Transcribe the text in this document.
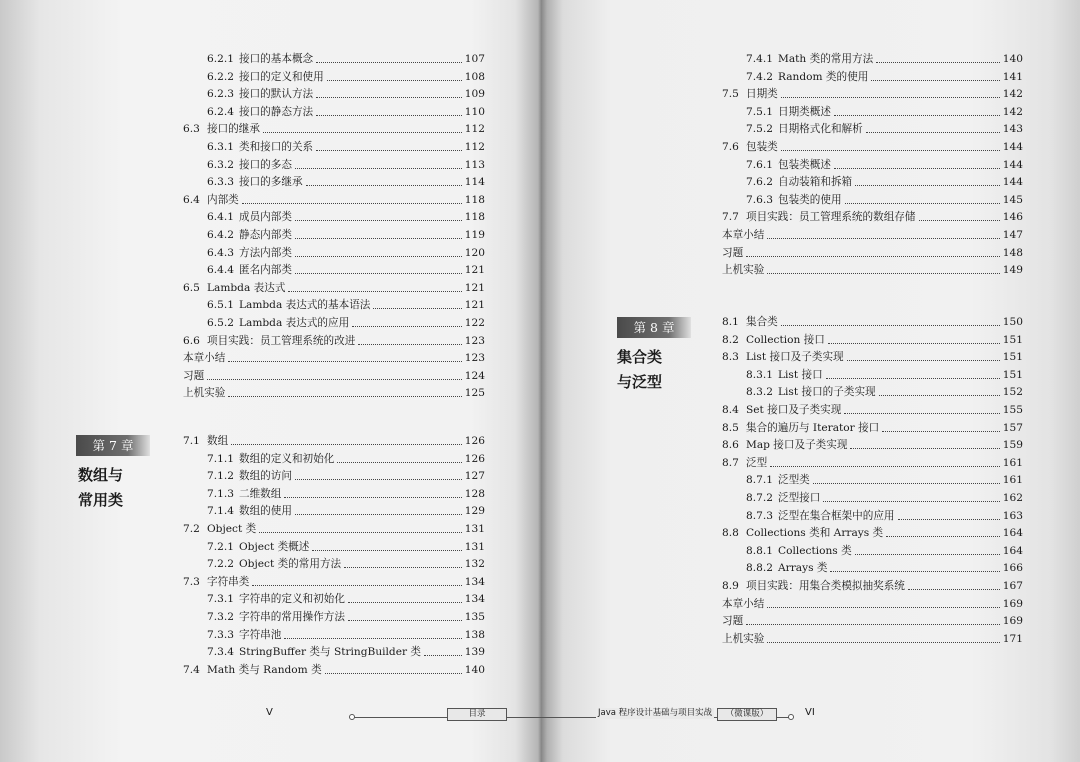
6.2.1 接口的基本概念	107
6.2.2 接口的定义和使用	108
6.2.3 接口的默认方法	109
6.2.4 接口的静态方法	110
6.3 接口的继承	112
6.3.1 类和接口的关系	112
6.3.2 接口的多态	113
6.3.3 接口的多继承	114
6.4 内部类	118
6.4.1 成员内部类	118
6.4.2 静态内部类	119
6.4.3 方法内部类	120
6.4.4 匿名内部类	121
6.5 Lambda 表达式	121
6.5.1 Lambda 表达式的基本语法	121
6.5.2 Lambda 表达式的应用	122
6.6 项目实践：员工管理系统的改进	123
本章小结	123
习题	124
上机实验	125
第 7 章
数组与
常用类
7.1 数组	126
7.1.1 数组的定义和初始化	126
7.1.2 数组的访问	127
7.1.3 二维数组	128
7.1.4 数组的使用	129
7.2 Object 类	131
7.2.1 Object 类概述	131
7.2.2 Object 类的常用方法	132
7.3 字符串类	134
7.3.1 字符串的定义和初始化	134
7.3.2 字符串的常用操作方法	135
7.3.3 字符串池	138
7.3.4 StringBuffer 类与 StringBuilder 类	139
7.4 Math 类与 Random 类	140
V	目录
7.4.1 Math 类的常用方法	140
7.4.2 Random 类的使用	141
7.5 日期类	142
7.5.1 日期类概述	142
7.5.2 日期格式化和解析	143
7.6 包装类	144
7.6.1 包装类概述	144
7.6.2 自动装箱和拆箱	144
7.6.3 包装类的使用	145
7.7 项目实践：员工管理系统的数组存储	146
本章小结	147
习题	148
上机实验	149
第 8 章
集合类
与泛型
8.1 集合类	150
8.2 Collection 接口	151
8.3 List 接口及子类实现	151
8.3.1 List 接口	151
8.3.2 List 接口的子类实现	152
8.4 Set 接口及子类实现	155
8.5 集合的遍历与 Iterator 接口	157
8.6 Map 接口及子类实现	159
8.7 泛型	161
8.7.1 泛型类	161
8.7.2 泛型接口	162
8.7.3 泛型在集合框架中的应用	163
8.8 Collections 类和 Arrays 类	164
8.8.1 Collections 类	164
8.8.2 Arrays 类	166
8.9 项目实践：用集合类模拟抽奖系统	167
本章小结	169
习题	169
上机实验	171
Java 程序设计基础与项目实战	（微课版）	VI
